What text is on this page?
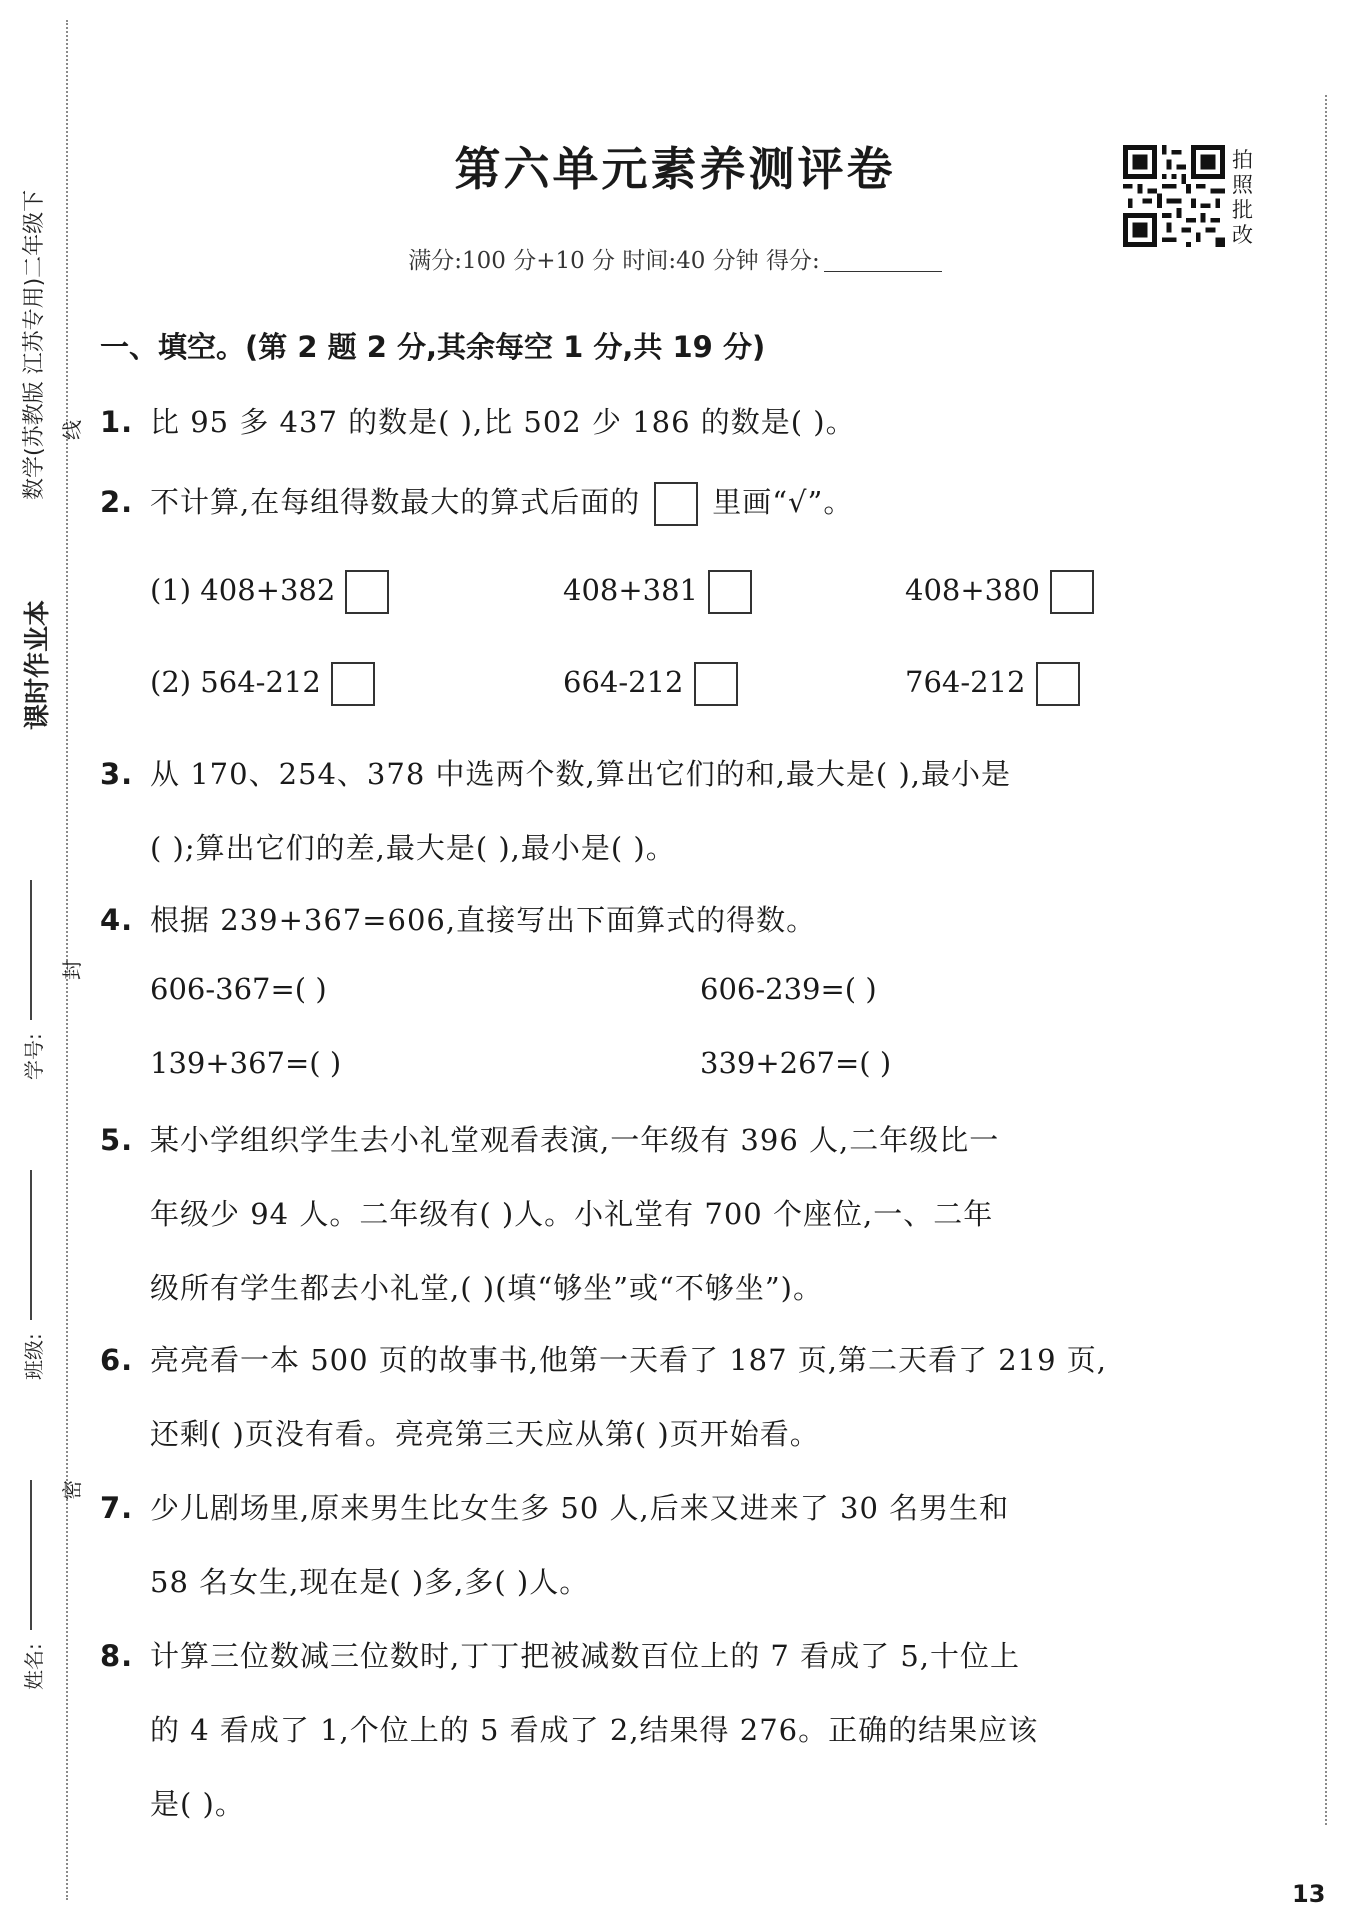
课时作业本
数学(苏教版 江苏专用)二年级下 线
封
密
学号:
班级:
姓名:
第六单元素养测评卷
满分:100 分+10 分 时间:40 分钟 得分:
拍照批改
一、填空。(第 2 题 2 分,其余每空 1 分,共 19 分)
1. 比 95 多 437 的数是( ),比 502 少 186 的数是( )。
2. 不计算,在每组得数最大的算式后面的 里画“√”。
(1) 408+382	408+381	408+380
(2) 564-212	664-212	764-212
3. 从 170、254、378 中选两个数,算出它们的和,最大是( ),最小是
( );算出它们的差,最大是( ),最小是( )。
4. 根据 239+367=606,直接写出下面算式的得数。
606-367=( )	606-239=( )
139+367=( )	339+267=( )
5. 某小学组织学生去小礼堂观看表演,一年级有 396 人,二年级比一
年级少 94 人。二年级有( )人。小礼堂有 700 个座位,一、二年
级所有学生都去小礼堂,( )(填“够坐”或“不够坐”)。
6. 亮亮看一本 500 页的故事书,他第一天看了 187 页,第二天看了 219 页,
还剩( )页没有看。亮亮第三天应从第( )页开始看。
7. 少儿剧场里,原来男生比女生多 50 人,后来又进来了 30 名男生和
58 名女生,现在是( )多,多( )人。
8. 计算三位数减三位数时,丁丁把被减数百位上的 7 看成了 5,十位上
的 4 看成了 1,个位上的 5 看成了 2,结果得 276。正确的结果应该
是( )。
13
